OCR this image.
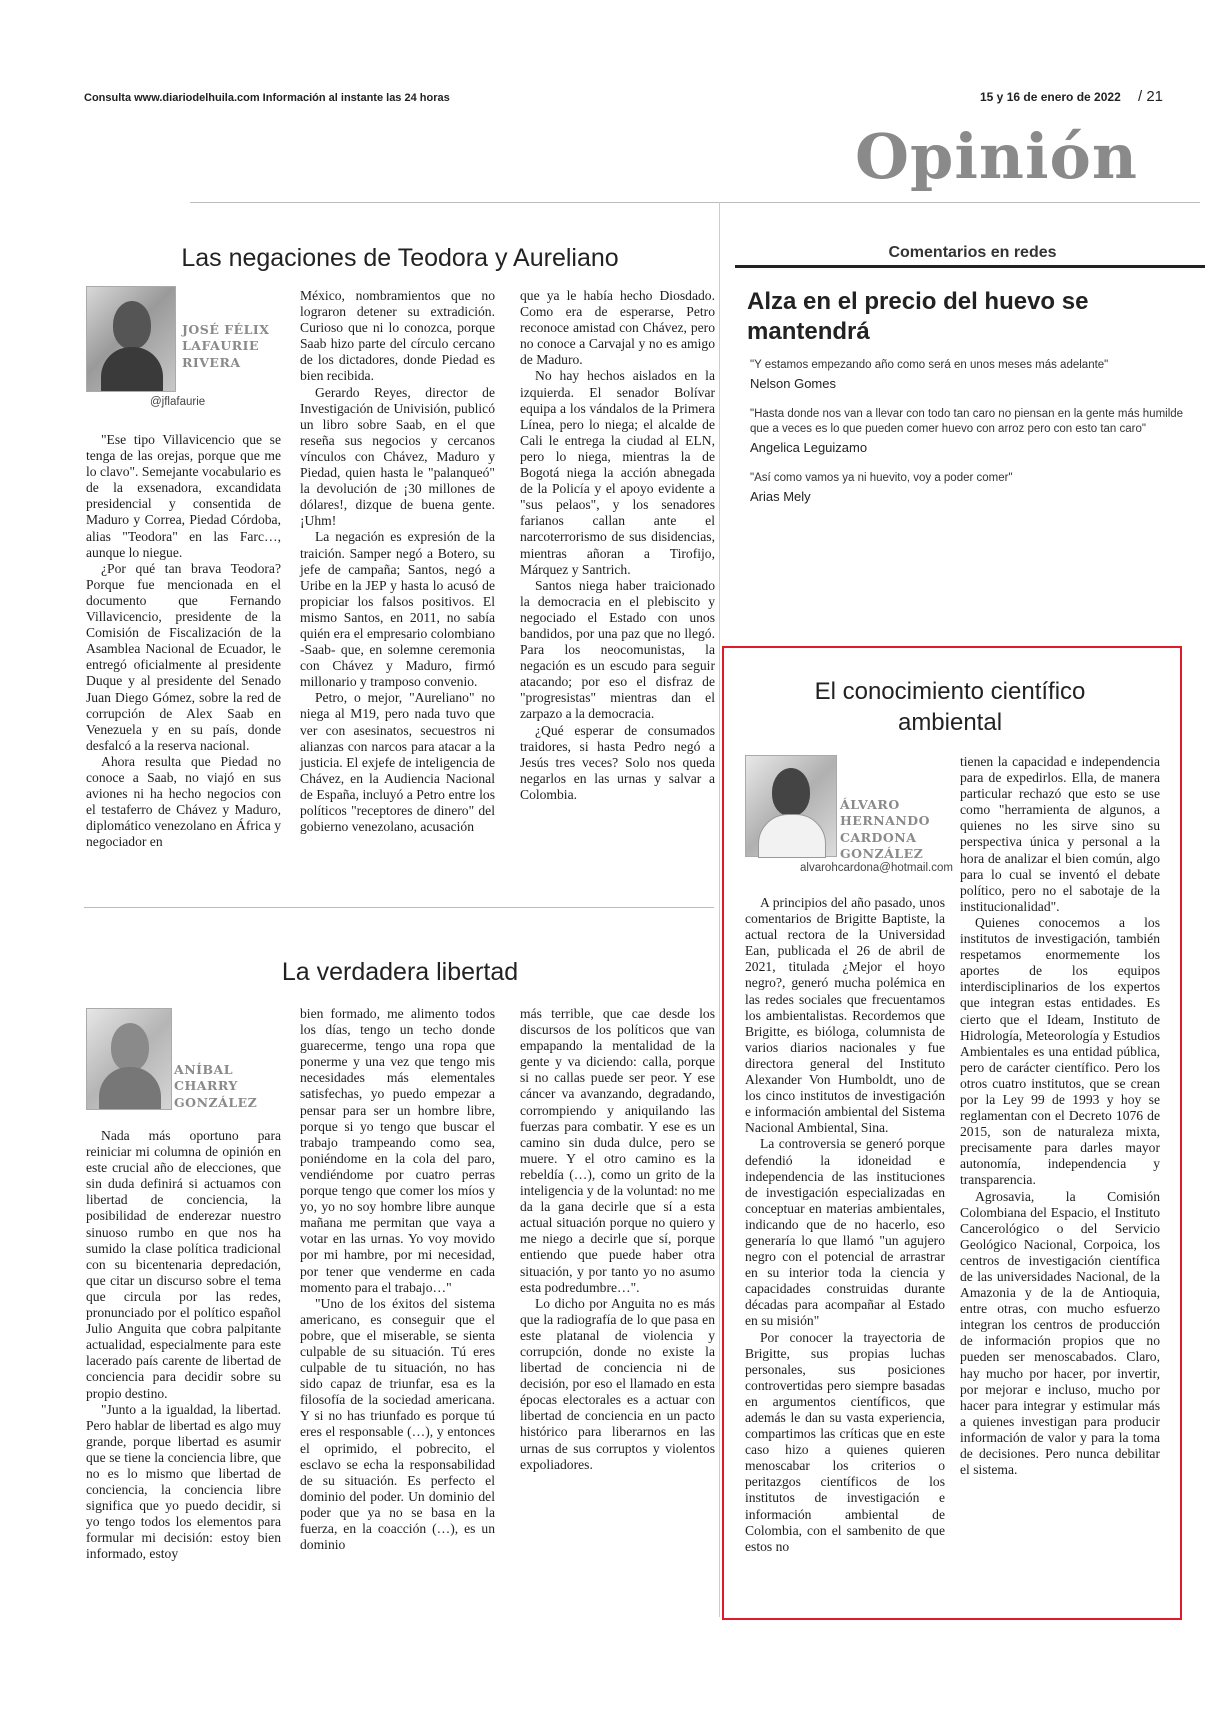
Consulta www.diariodelhuila.com Información al instante las 24 horas	15 y 16 de enero de 2022 / 21
Opinión
Las negaciones de Teodora y Aureliano
JOSÉ FÉLIX
LAFAURIE
RIVERA
@jflafaurie

"Ese tipo Villavicencio que se tenga de las orejas, porque que me lo clavo". Semejante vocabulario es de la exsenadora, excandidata presidencial y consentida de Maduro y Correa, Piedad Córdoba, alias "Teodora" en las Farc…, aunque lo niegue.

¿Por qué tan brava Teodora? Porque fue mencionada en el documento que Fernando Villavicencio, presidente de la Comisión de Fiscalización de la Asamblea Nacional de Ecuador, le entregó oficialmente al presidente Duque y al presidente del Senado Juan Diego Gómez, sobre la red de corrupción de Alex Saab en Venezuela y en su país, donde desfalcó a la reserva nacional.

Ahora resulta que Piedad no conoce a Saab, no viajó en sus aviones ni ha hecho negocios con el testaferro de Chávez y Maduro, diplomático venezolano en África y negociador en

México, nombramientos que no lograron detener su extradición. Curioso que ni lo conozca, porque Saab hizo parte del círculo cercano de los dictadores, donde Piedad es bien recibida.

Gerardo Reyes, director de Investigación de Univisión, publicó un libro sobre Saab, en el que reseña sus negocios y cercanos vínculos con Chávez, Maduro y Piedad, quien hasta le "palanqueó" la devolución de ¡30 millones de dólares!, dizque de buena gente. ¡Uhm!

La negación es expresión de la traición. Samper negó a Botero, su jefe de campaña; Santos, negó a Uribe en la JEP y hasta lo acusó de propiciar los falsos positivos. El mismo Santos, en 2011, no sabía quién era el empresario colombiano -Saab- que, en solemne ceremonia con Chávez y Maduro, firmó millonario y tramposo convenio.

Petro, o mejor, "Aureliano" no niega al M19, pero nada tuvo que ver con asesinatos, secuestros ni alianzas con narcos para atacar a la justicia. El exjefe de inteligencia de Chávez, en la Audiencia Nacional de España, incluyó a Petro entre los políticos "receptores de dinero" del gobierno venezolano, acusación

que ya le había hecho Diosdado. Como era de esperarse, Petro reconoce amistad con Chávez, pero no conoce a Carvajal y no es amigo de Maduro.

No hay hechos aislados en la izquierda. El senador Bolívar equipa a los vándalos de la Primera Línea, pero lo niega; el alcalde de Cali le entrega la ciudad al ELN, pero lo niega, mientras la de Bogotá niega la acción abnegada de la Policía y el apoyo evidente a "sus pelaos", y los senadores farianos callan ante el narcoterrorismo de sus disidencias, mientras añoran a Tirofijo, Márquez y Santrich.

Santos niega haber traicionado la democracia en el plebiscito y negociado el Estado con unos bandidos, por una paz que no llegó. Para los neocomunistas, la negación es un escudo para seguir atacando; por eso el disfraz de "progresistas" mientras dan el zarpazo a la democracia.

¿Qué esperar de consumados traidores, si hasta Pedro negó a Jesús tres veces? Solo nos queda negarlos en las urnas y salvar a Colombia.

La verdadera libertad
ANÍBAL
CHARRY
GONZÁLEZ

Nada más oportuno para reiniciar mi columna de opinión en este crucial año de elecciones, que sin duda definirá si actuamos con libertad de conciencia, la posibilidad de enderezar nuestro sinuoso rumbo en que nos ha sumido la clase política tradicional con su bicentenaria depredación, que citar un discurso sobre el tema que circula por las redes, pronunciado por el político español Julio Anguita que cobra palpitante actualidad, especialmente para este lacerado país carente de libertad de conciencia para decidir sobre su propio destino.

"Junto a la igualdad, la libertad. Pero hablar de libertad es algo muy grande, porque libertad es asumir que se tiene la conciencia libre, que no es lo mismo que libertad de conciencia, la conciencia libre significa que yo puedo decidir, si yo tengo todos los elementos para formular mi decisión: estoy bien informado, estoy

bien formado, me alimento todos los días, tengo un techo donde guarecerme, tengo una ropa que ponerme y una vez que tengo mis necesidades más elementales satisfechas, yo puedo empezar a pensar para ser un hombre libre, porque si yo tengo que buscar el trabajo trampeando como sea, poniéndome en la cola del paro, vendiéndome por cuatro perras porque tengo que comer los míos y yo, yo no soy hombre libre aunque mañana me permitan que vaya a votar en las urnas. Yo voy movido por mi hambre, por mi necesidad, por tener que venderme en cada momento para el trabajo…"

"Uno de los éxitos del sistema americano, es conseguir que el pobre, que el miserable, se sienta culpable de su situación. Tú eres culpable de tu situación, no has sido capaz de triunfar, esa es la filosofía de la sociedad americana. Y si no has triunfado es porque tú eres el responsable (…), y entonces el oprimido, el pobrecito, el esclavo se echa la responsabilidad de su situación. Es perfecto el dominio del poder. Un dominio del poder que ya no se basa en la fuerza, en la coacción (…), es un dominio

más terrible, que cae desde los discursos de los políticos que van empapando la mentalidad de la gente y va diciendo: calla, porque si no callas puede ser peor. Y ese cáncer va avanzando, degradando, corrompiendo y aniquilando las fuerzas para combatir. Y ese es un camino sin duda dulce, pero se muere. Y el otro camino es la rebeldía (…), como un grito de la inteligencia y de la voluntad: no me da la gana decirle que sí a esta actual situación porque no quiero y me niego a decirle que sí, porque entiendo que puede haber otra situación, y por tanto yo no asumo esta podredumbre…".

Lo dicho por Anguita no es más que la radiografía de lo que pasa en este platanal de violencia y corrupción, donde no existe la libertad de conciencia ni de decisión, por eso el llamado en esta épocas electorales es a actuar con libertad de conciencia en un pacto histórico para liberarnos en las urnas de sus corruptos y violentos expoliadores.

Comentarios en redes
Alza en el precio del huevo se mantendrá
"Y estamos empezando año como será en unos meses más adelante"
Nelson Gomes
"Hasta donde nos van a llevar con todo tan caro no piensan en la gente más humilde que a veces es lo que pueden comer huevo con arroz pero con esto tan caro"
Angelica Leguizamo
"Así como vamos ya ni huevito, voy a poder comer"
Arias Mely
El conocimiento científico ambiental
ÁLVARO
HERNANDO
CARDONA
GONZÁLEZ
alvarohcardona@hotmail.com

A principios del año pasado, unos comentarios de Brigitte Baptiste, la actual rectora de la Universidad Ean, publicada el 26 de abril de 2021, titulada ¿Mejor el hoyo negro?, generó mucha polémica en las redes sociales que frecuentamos los ambientalistas. Recordemos que Brigitte, es bióloga, columnista de varios diarios nacionales y fue directora general del Instituto Alexander Von Humboldt, uno de los cinco institutos de investigación e información ambiental del Sistema Nacional Ambiental, Sina.

La controversia se generó porque defendió la idoneidad e independencia de las instituciones de investigación especializadas en conceptuar en materias ambientales, indicando que de no hacerlo, eso generaría lo que llamó "un agujero negro con el potencial de arrastrar en su interior toda la ciencia y capacidades construidas durante décadas para acompañar al Estado en su misión"

Por conocer la trayectoria de Brigitte, sus propias luchas personales, sus posiciones controvertidas pero siempre basadas en argumentos científicos, que además le dan su vasta experiencia, compartimos las críticas que en este caso hizo a quienes quieren menoscabar los criterios o peritazgos científicos de los institutos de investigación e información ambiental de Colombia, con el sambenito de que estos no

tienen la capacidad e independencia para de expedirlos. Ella, de manera particular rechazó que esto se use como "herramienta de algunos, a quienes no les sirve sino su perspectiva única y personal a la hora de analizar el bien común, algo para lo cual se inventó el debate político, pero no el sabotaje de la institucionalidad".

Quienes conocemos a los institutos de investigación, también respetamos enormemente los aportes de los equipos interdisciplinarios de los expertos que integran estas entidades. Es cierto que el Ideam, Instituto de Hidrología, Meteorología y Estudios Ambientales es una entidad pública, pero de carácter científico. Pero los otros cuatro institutos, que se crean por la Ley 99 de 1993 y hoy se reglamentan con el Decreto 1076 de 2015, son de naturaleza mixta, precisamente para darles mayor autonomía, independencia y transparencia.

Agrosavia, la Comisión Colombiana del Espacio, el Instituto Cancerológico o del Servicio Geológico Nacional, Corpoica, los centros de investigación científica de las universidades Nacional, de la Amazonia y de la de Antioquia, entre otras, con mucho esfuerzo integran los centros de producción de información propios que no pueden ser menoscabados. Claro, hay mucho por hacer, por invertir, por mejorar e incluso, mucho por hacer para integrar y estimular más a quienes investigan para producir información de valor y para la toma de decisiones. Pero nunca debilitar el sistema.
